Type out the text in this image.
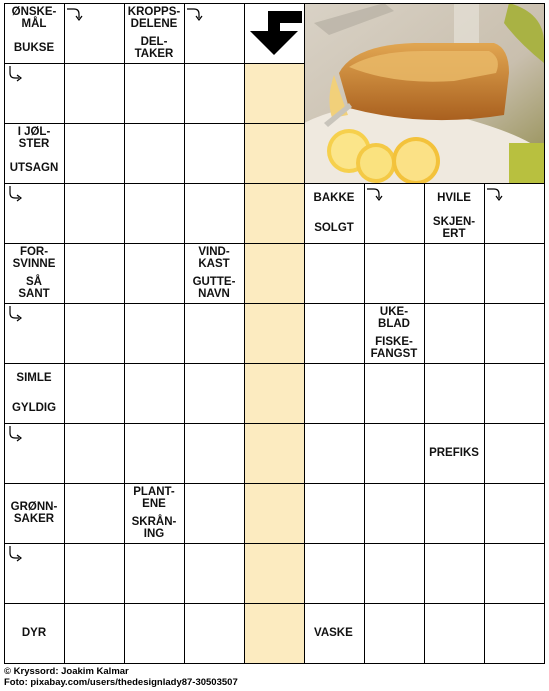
ØNSKE-
MÅL
BUKSE
KROPPS-
DELENE
DEL-
TAKER
I JØL-
STER
UTSAGN
BAKKE
SOLGT
HVILE
SKJEN-
ERT
FOR-
SVINNE
SÅ
SANT
VIND-
KAST
GUTTE-
NAVN
UKE-
BLAD
FISKE-
FANGST
SIMLE
GYLDIG
PREFIKS
GRØNN-
SAKER
PLANT-
ENE
SKRÅN-
ING
DYR	VASKE
© Kryssord: Joakim Kalmar
Foto: pixabay.com/users/thedesignlady87-30503507
